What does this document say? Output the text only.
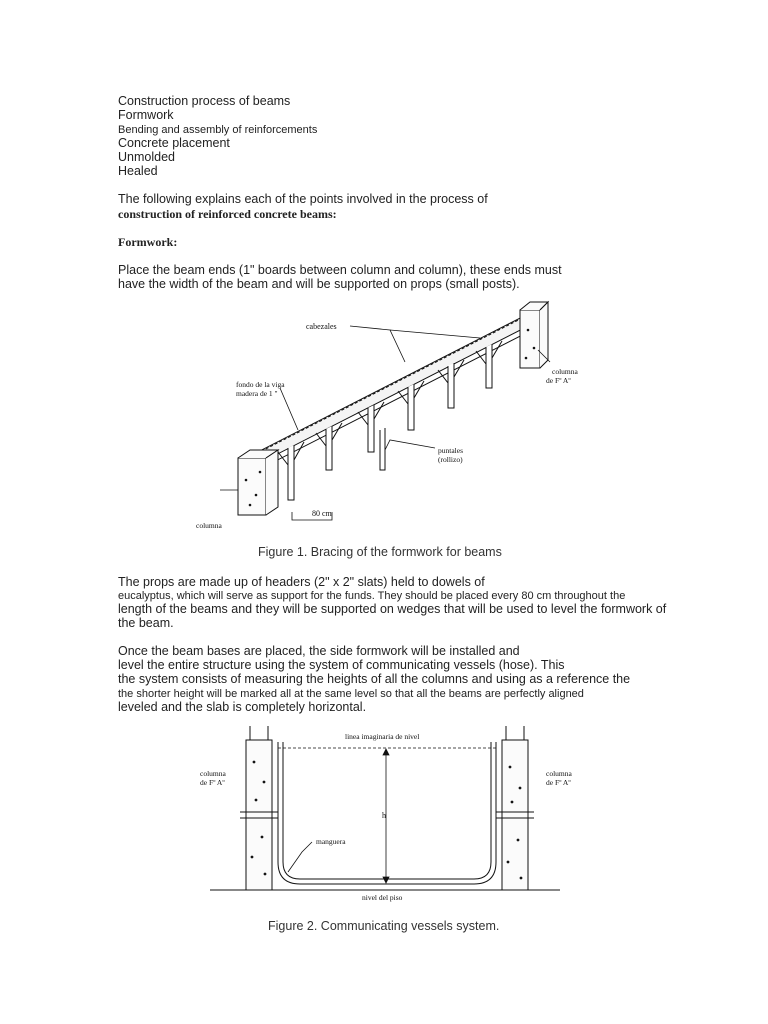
Construction process of beams

Formwork

Bending and assembly of reinforcements

Concrete placement

Unmolded

Healed

The following explains each of the points involved in the process of

construction of reinforced concrete beams:

Formwork:

Place the beam ends (1" boards between column and column), these ends must

have the width of the beam and will be supported on props (small posts).

cabezales
fondo de la viga
madera de 1 "
columna
de Fº Aº
puntales
(rollizo)
80 cm
columna

Figure 1. Bracing of the formwork for beams

The props are made up of headers (2" x 2" slats) held to dowels of

eucalyptus, which will serve as support for the funds. They should be placed every 80 cm throughout the

length of the beams and they will be supported on wedges that will be used to level the formwork of

the beam.

Once the beam bases are placed, the side formwork will be installed and

level the entire structure using the system of communicating vessels (hose). This

the system consists of measuring the heights of all the columns and using as a reference the

the shorter height will be marked all at the same level so that all the beams are perfectly aligned

leveled and the slab is completely horizontal.

linea imaginaria de nivel
columna
de Fº Aº
columna
de Fº Aº
h
manguera
nivel del piso

Figure 2. Communicating vessels system.
